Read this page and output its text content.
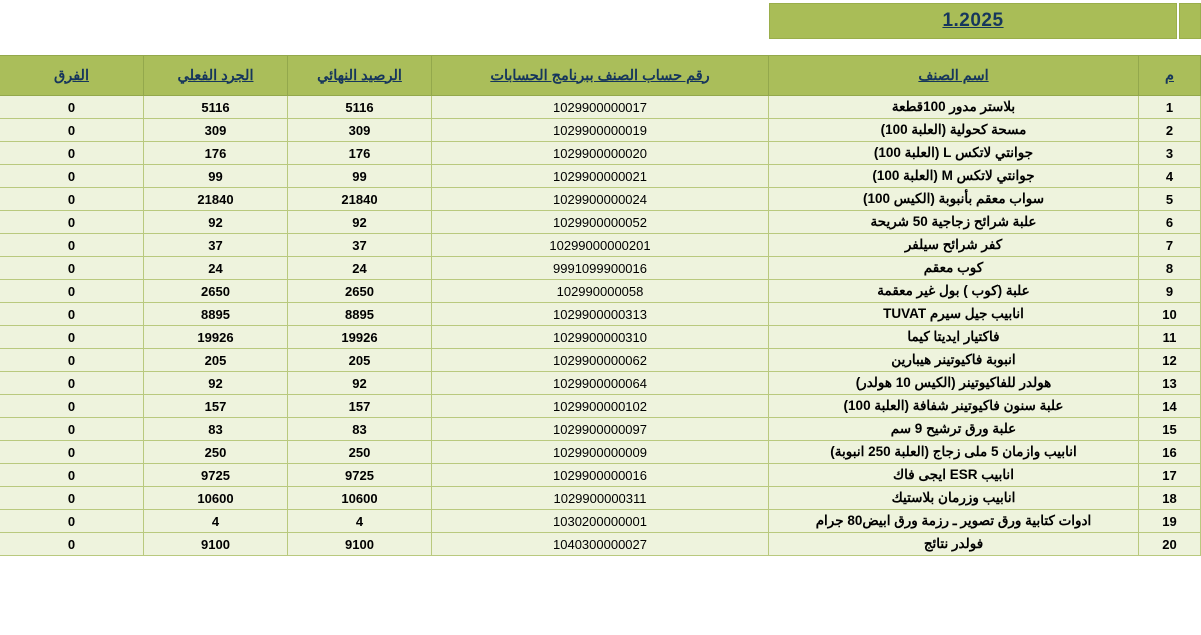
1.2025
م	اسم الصنف	رقم حساب الصنف ببرنامج الحسابات	الرصيد النهائي	الجرد الفعلي	الفرق
1	بلاستر مدور 100قطعة	1029900000017	5116	5116	0
2	مسحة كحولية (العلبة 100)	1029900000019	309	309	0
3	جوانتي لاتكس L (العلبة 100)	1029900000020	176	176	0
4	جوانتي لاتكس M (العلبة 100)	1029900000021	99	99	0
5	سواب معقم بأنبوبة (الكيس 100)	1029900000024	21840	21840	0
6	علبة شرائح زجاجية 50 شريحة	1029900000052	92	92	0
7	كفر شرائح سيلفر	10299000000201	37	37	0
8	كوب معقم	9991099900016	24	24	0
9	علبة (كوب ) بول غير معقمة	102990000058	2650	2650	0
10	انابيب جيل سيرم TUVAT	1029900000313	8895	8895	0
11	فاكتيار ايديتا كيما	1029900000310	19926	19926	0
12	انبوبة فاكيوتينر هيبارين	1029900000062	205	205	0
13	هولدر للفاكيوتينر (الكيس 10 هولدر)	1029900000064	92	92	0
14	علبة سنون فاكيوتينر شفافة (العلبة 100)	1029900000102	157	157	0
15	علبة ورق ترشيح 9 سم	1029900000097	83	83	0
16	انابيب وازمان 5 ملى زجاج (العلبة 250 انبوبة)	1029900000009	250	250	0
17	انابيب ESR ايجى فاك	1029900000016	9725	9725	0
18	انابيب وزرمان بلاستيك	1029900000311	10600	10600	0
19	ادوات كتابية ورق تصوير ـ رزمة ورق ابيض80 جرام	1030200000001	4	4	0
20	فولدر نتائج	1040300000027	9100	9100	0
